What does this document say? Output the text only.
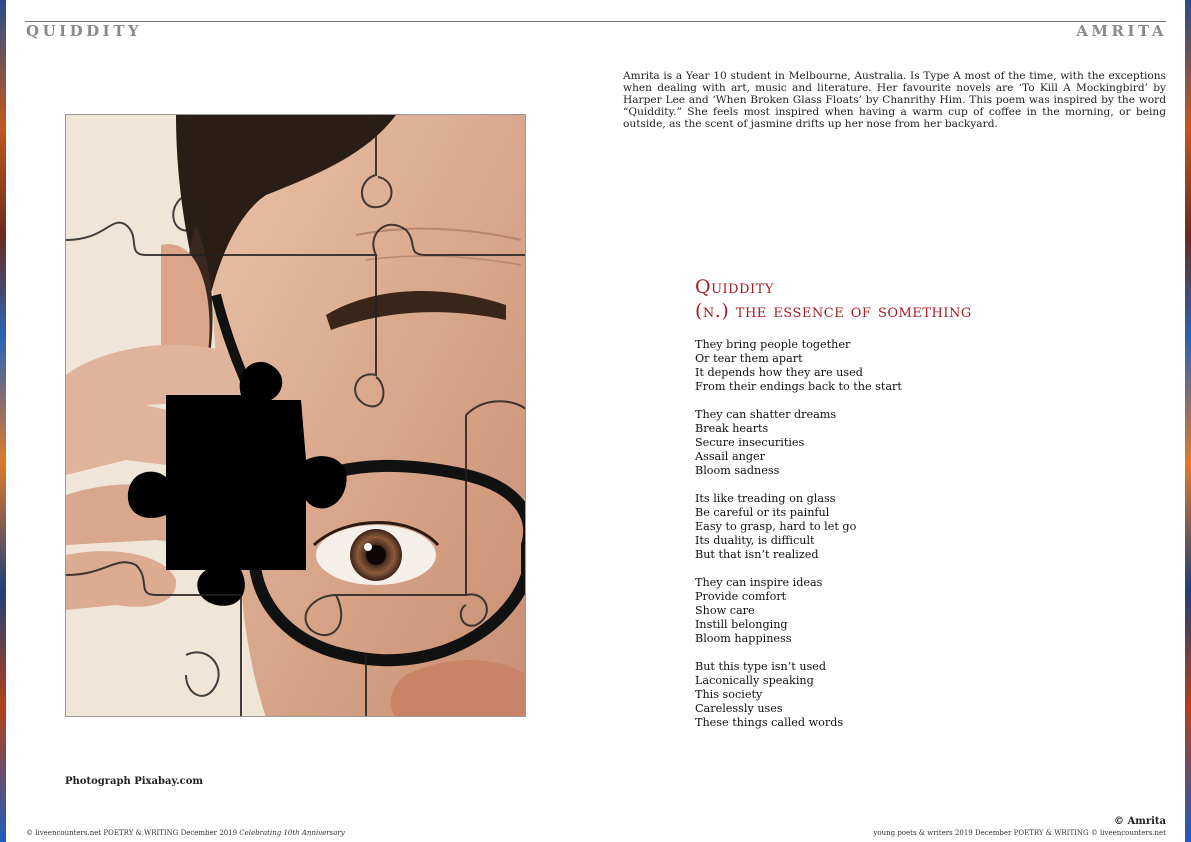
QUIDDITY	AMRITA

Amrita is a Year 10 student in Melbourne, Australia. Is Type A most of the time, with the exceptions when dealing with art, music and literature. Her favourite novels are ‘To Kill A Mockingbird’ by Harper Lee and ‘When Broken Glass Floats’ by Chanrithy Him. This poem was inspired by the word “Quiddity.” She feels most inspired when having a warm cup of coffee in the morning, or being outside, as the scent of jasmine drifts up her nose from her backyard.

Photograph Pixabay.com
Quiddity
(n.) the essence of something
They bring people together
Or tear them apart
It depends how they are used
From their endings back to the start
They can shatter dreams
Break hearts
Secure insecurities
Assail anger
Bloom sadness
Its like treading on glass
Be careful or its painful
Easy to grasp, hard to let go
Its duality, is difficult
But that isn’t realized
They can inspire ideas
Provide comfort
Show care
Instill belonging
Bloom happiness
But this type isn’t used
Laconically speaking
This society
Carelessly uses
These things called words
© Amrita
© liveencounters.net POETRY & WRITING December 2019 Celebrating 10th Anniversary	young poets & writers 2019 December POETRY & WRITING © liveencounters.net
